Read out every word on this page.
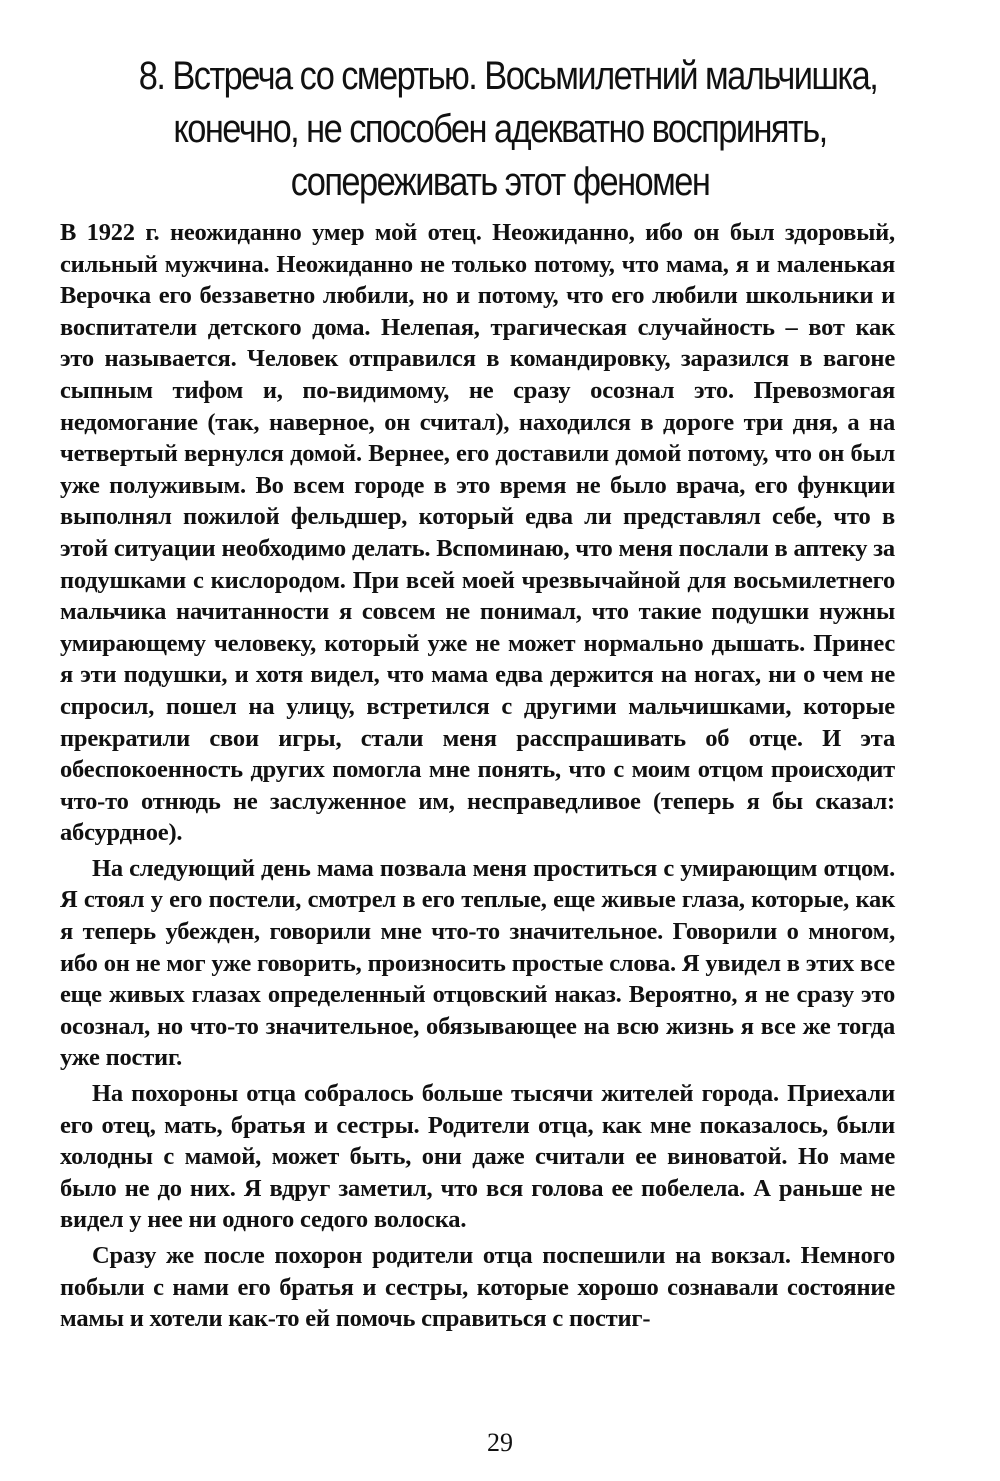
8. Встреча со смертью. Восьмилетний мальчишка,
конечно, не способен адекватно воспринять,
сопереживать этот феномен

В 1922 г. неожиданно умер мой отец. Неожиданно, ибо он был здоровый, сильный мужчина. Неожиданно не только потому, что мама, я и маленькая Верочка его беззаветно любили, но и потому, что его любили школьники и воспитатели детского дома. Нелепая, трагическая случайность – вот как это называется. Человек отправился в командировку, заразился в вагоне сыпным тифом и, по-видимому, не сразу осознал это. Превозмогая недомогание (так, наверное, он считал), находился в дороге три дня, а на четвертый вернулся домой. Вернее, его доставили домой потому, что он был уже полуживым. Во всем городе в это время не было врача, его функции выполнял пожилой фельдшер, который едва ли представлял себе, что в этой ситуации необходимо делать. Вспоминаю, что меня послали в аптеку за подушками с кислородом. При всей моей чрезвычайной для восьмилетнего мальчика начитанности я совсем не понимал, что такие подушки нужны умирающему человеку, который уже не может нормально дышать. Принес я эти подушки, и хотя видел, что мама едва держится на ногах, ни о чем не спросил, пошел на улицу, встретился с другими мальчишками, которые прекратили свои игры, стали меня расспрашивать об отце. И эта обеспокоенность других помогла мне понять, что с моим отцом происходит что-то отнюдь не заслуженное им, несправедливое (теперь я бы сказал: абсурдное).

На следующий день мама позвала меня проститься с умирающим отцом. Я стоял у его постели, смотрел в его теплые, еще живые глаза, которые, как я теперь убежден, говорили мне что-то значительное. Говорили о многом, ибо он не мог уже говорить, произносить простые слова. Я увидел в этих все еще живых глазах определенный отцовский наказ. Вероятно, я не сразу это осознал, но что-то значительное, обязывающее на всю жизнь я все же тогда уже постиг.

На похороны отца собралось больше тысячи жителей города. Приехали его отец, мать, братья и сестры. Родители отца, как мне показалось, были холодны с мамой, может быть, они даже считали ее виноватой. Но маме было не до них. Я вдруг заметил, что вся голова ее побелела. А раньше не видел у нее ни одного седого волоска.

Сразу же после похорон родители отца поспешили на вокзал. Немного побыли с нами его братья и сестры, которые хорошо сознавали состояние мамы и хотели как-то ей помочь справиться с постиг-

29
